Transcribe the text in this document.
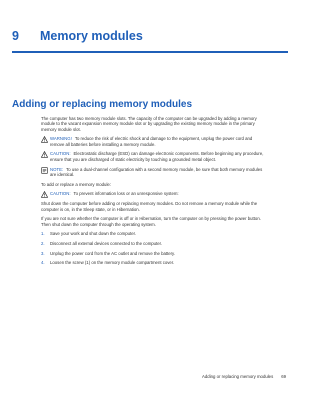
9	Memory modules
Adding or replacing memory modules

The computer has two memory module slots. The capacity of the computer can be upgraded by adding a memory module to the vacant expansion memory module slot or by upgrading the existing memory module in the primary memory module slot.

WARNING! To reduce the risk of electric shock and damage to the equipment, unplug the power cord and remove all batteries before installing a memory module.
CAUTION: Electrostatic discharge (ESD) can damage electronic components. Before beginning any procedure, ensure that you are discharged of static electricity by touching a grounded metal object.
NOTE: To use a dual-channel configuration with a second memory module, be sure that both memory modules are identical.

To add or replace a memory module:

CAUTION: To prevent information loss or an unresponsive system:

Shut down the computer before adding or replacing memory modules. Do not remove a memory module while the computer is on, in the Sleep state, or in Hibernation.

If you are not sure whether the computer is off or in Hibernation, turn the computer on by pressing the power button. Then shut down the computer through the operating system.

1. Save your work and shut down the computer.
2. Disconnect all external devices connected to the computer.
3. Unplug the power cord from the AC outlet and remove the battery.
4. Loosen the screw (1) on the memory module compartment cover.
Adding or replacing memory modules 69
